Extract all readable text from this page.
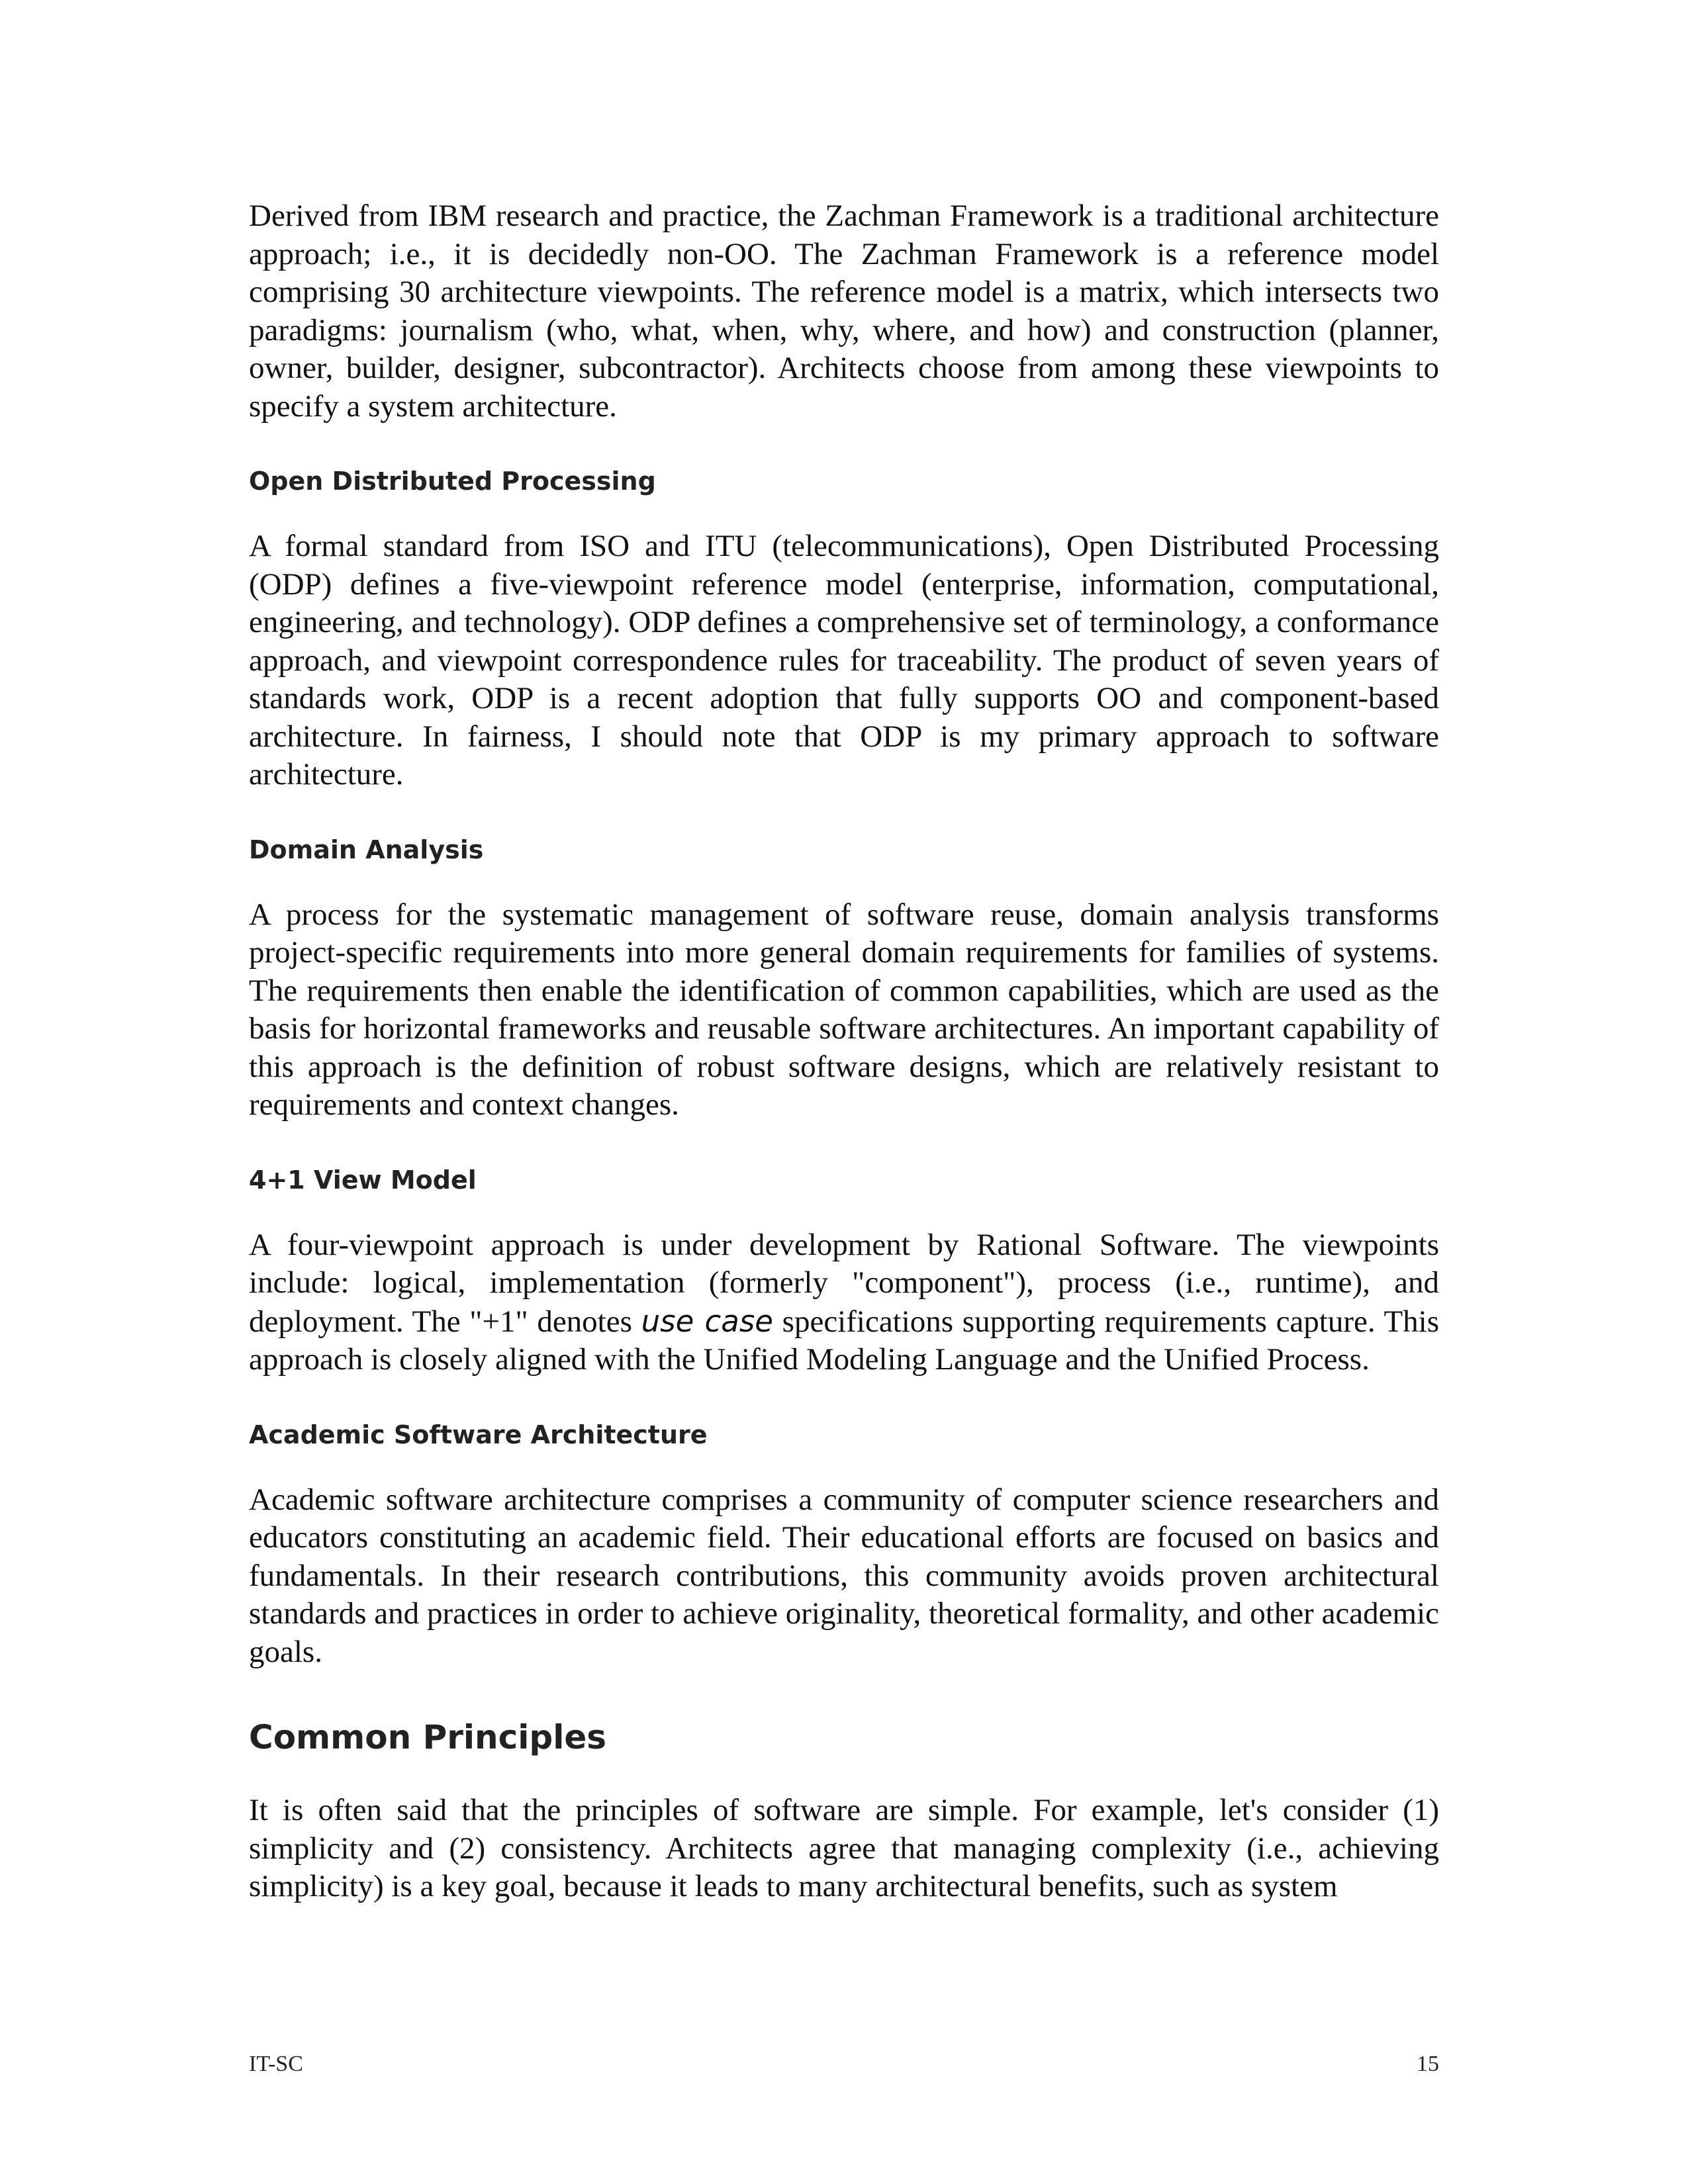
Derived from IBM research and practice, the Zachman Framework is a traditional architecture approach; i.e., it is decidedly non-OO. The Zachman Framework is a reference model comprising 30 architecture viewpoints. The reference model is a matrix, which intersects two paradigms: journalism (who, what, when, why, where, and how) and construction (planner, owner, builder, designer, subcontractor). Architects choose from among these viewpoints to specify a system architecture.

Open Distributed Processing

A formal standard from ISO and ITU (telecommunications), Open Distributed Processing (ODP) defines a five-viewpoint reference model (enterprise, information, computational, engineering, and technology). ODP defines a comprehensive set of terminology, a conformance approach, and viewpoint correspondence rules for traceability. The product of seven years of standards work, ODP is a recent adoption that fully supports OO and component-based architecture. In fairness, I should note that ODP is my primary approach to software architecture.

Domain Analysis

A process for the systematic management of software reuse, domain analysis transforms project-specific requirements into more general domain requirements for families of systems. The requirements then enable the identification of common capabilities, which are used as the basis for horizontal frameworks and reusable software architectures. An important capability of this approach is the definition of robust software designs, which are relatively resistant to requirements and context changes.

4+1 View Model

A four-viewpoint approach is under development by Rational Software. The viewpoints include: logical, implementation (formerly "component"), process (i.e., runtime), and deployment. The "+1" denotes use case specifications supporting requirements capture. This approach is closely aligned with the Unified Modeling Language and the Unified Process.

Academic Software Architecture

Academic software architecture comprises a community of computer science researchers and educators constituting an academic field. Their educational efforts are focused on basics and fundamentals. In their research contributions, this community avoids proven architectural standards and practices in order to achieve originality, theoretical formality, and other academic goals.

Common Principles

It is often said that the principles of software are simple. For example, let's consider (1) simplicity and (2) consistency. Architects agree that managing complexity (i.e., achieving simplicity) is a key goal, because it leads to many architectural benefits, such as system

IT-SC	15
